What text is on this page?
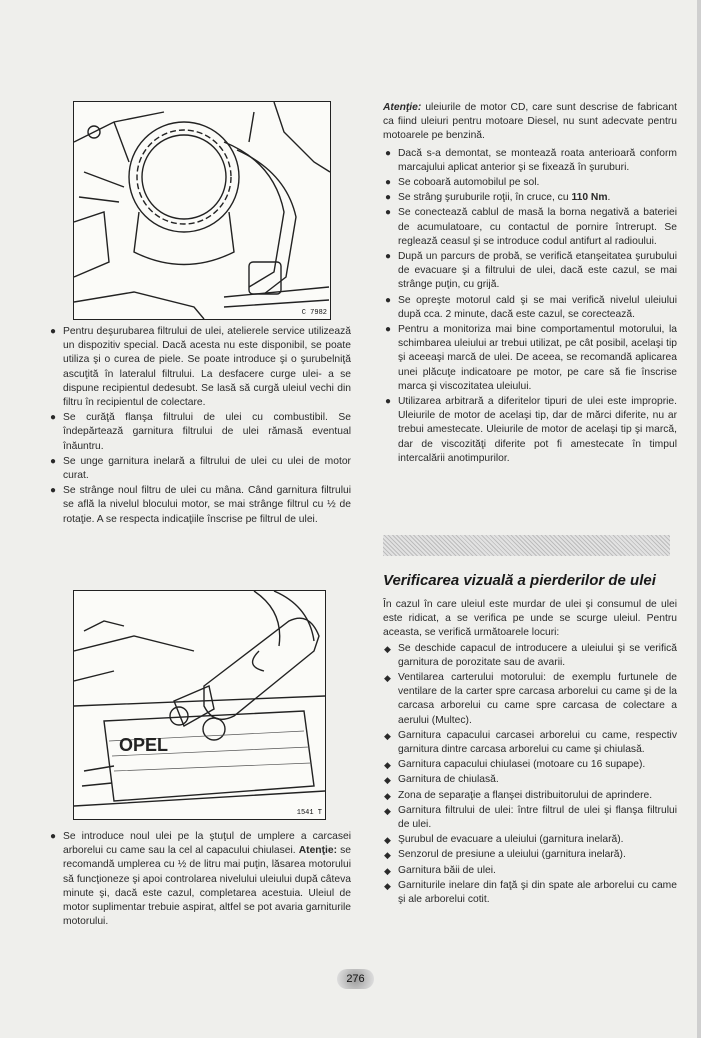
C 7982
● Pentru deşurubarea filtrului de ulei, atelierele service utilizează un dispozitiv special. Dacă acesta nu este disponibil, se poate utiliza şi o curea de piele. Se poate introduce şi o şurubelniţă ascuţită în lateralul filtrului. La desfacere curge ulei- a se dispune recipientul dedesubt. Se lasă să curgă uleiul vechi din filtru în recipientul de colectare.
● Se curăţă flanşa filtrului de ulei cu combustibil. Se îndepărtează garnitura filtrului de ulei rămasă eventual înăuntru.
● Se unge garnitura inelară a filtrului de ulei cu ulei de motor curat.
● Se strânge noul filtru de ulei cu mâna. Când garnitura filtrului se află la nivelul blocului motor, se mai strânge filtrul cu ½ de rotaţie. A se respecta indicaţiile înscrise pe filtrul de ulei.
OPEL
1541 T
● Se introduce noul ulei pe la ştuţul de umplere a carcasei arborelui cu came sau la cel al capacului chiulasei. Atenţie: se recomandă umplerea cu ½ de litru mai puţin, lăsarea motorului să funcţioneze şi apoi controlarea nivelului uleiului după câteva minute şi, dacă este cazul, completarea acestuia. Uleiul de motor suplimentar trebuie aspirat, altfel se pot avaria garniturile motorului.

Atenţie: uleiurile de motor CD, care sunt descrise de fabricant ca fiind uleiuri pentru motoare Diesel, nu sunt adecvate pentru motoarele pe benzină.

● Dacă s-a demontat, se montează roata anterioară conform marcajului aplicat anterior şi se fixează în şuruburi.
● Se coboară automobilul pe sol.
● Se strâng şuruburile roţii, în cruce, cu 110 Nm.
● Se conectează cablul de masă la borna negativă a bateriei de acumulatoare, cu contactul de pornire întrerupt. Se reglează ceasul şi se introduce codul antifurt al radioului.
● După un parcurs de probă, se verifică etanşeitatea şurubului de evacuare şi a filtrului de ulei, dacă este cazul, se mai strânge puţin, cu grijă.
● Se opreşte motorul cald şi se mai verifică nivelul uleiului după cca. 2 minute, dacă este cazul, se corectează.
● Pentru a monitoriza mai bine comportamentul motorului, la schimbarea uleiului ar trebui utilizat, pe cât posibil, acelaşi tip şi aceeaşi marcă de ulei. De aceea, se recomandă aplicarea unei plăcuţe indicatoare pe motor, pe care să fie înscrise marca şi viscozitatea uleiului.
● Utilizarea arbitrară a diferitelor tipuri de ulei este improprie. Uleiurile de motor de acelaşi tip, dar de mărci diferite, nu ar trebui amestecate. Uleiurile de motor de acelaşi tip şi marcă, dar de viscozităţi diferite pot fi amestecate în timpul intercalării anotimpurilor.
Verificarea vizuală a pierderilor de ulei

În cazul în care uleiul este murdar de ulei şi consumul de ulei este ridicat, a se verifica pe unde se scurge uleiul. Pentru aceasta, se verifică următoarele locuri:

◆ Se deschide capacul de introducere a uleiului şi se verifică garnitura de porozitate sau de avarii.
◆ Ventilarea carterului motorului: de exemplu furtunele de ventilare de la carter spre carcasa arborelui cu came şi de la carcasa arborelui cu came spre carcasa de colectare a aerului (Multec).
◆ Garnitura capacului carcasei arborelui cu came, respectiv garnitura dintre carcasa arborelui cu came şi chiulasă.
◆ Garnitura capacului chiulasei (motoare cu 16 supape).
◆ Garnitura de chiulasă.
◆ Zona de separaţie a flanşei distribuitorului de aprindere.
◆ Garnitura filtrului de ulei: între filtrul de ulei şi flanşa filtrului de ulei.
◆ Şurubul de evacuare a uleiului (garnitura inelară).
◆ Senzorul de presiune a uleiului (garnitura inelară).
◆ Garnitura băii de ulei.
◆ Garniturile inelare din faţă şi din spate ale arborelui cu came şi ale arborelui cotit.
276
